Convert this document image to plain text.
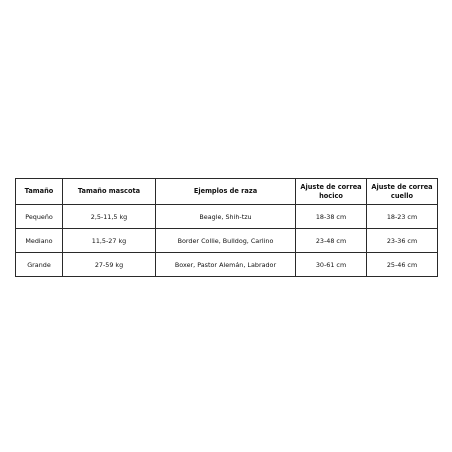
Tamaño	Tamaño mascota	Ejemplos de raza	Ajuste de correa hocico	Ajuste de correa cuello
Pequeño	2,5-11,5 kg	Beagle, Shih-tzu	18-38 cm	18-23 cm
Mediano	11,5-27 kg	Border Collie, Bulldog, Carlino	23-48 cm	23-36 cm
Grande	27-59 kg	Boxer, Pastor Alemán, Labrador	30-61 cm	25-46 cm
